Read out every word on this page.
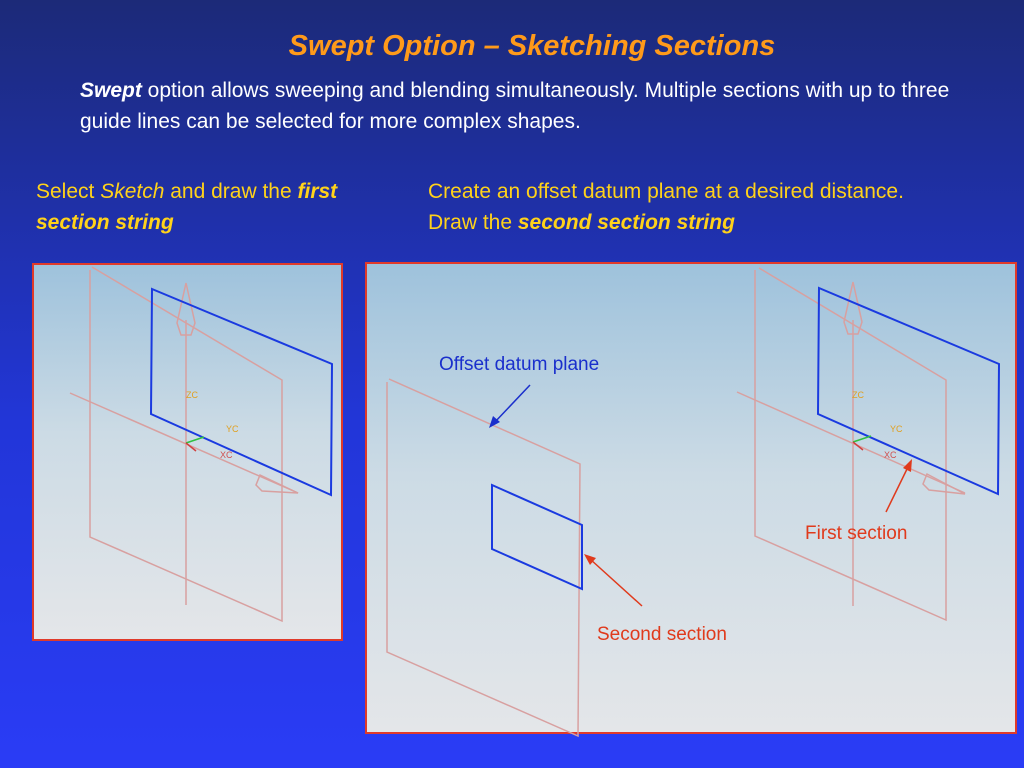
Swept Option – Sketching Sections
Swept option allows sweeping and blending simultaneously. Multiple sections with up to three guide lines can be selected for more complex shapes.
Select Sketch and draw the first section string
Create an offset datum plane at a desired distance. Draw the second section string
ZC
YC
XC
ZC
YC
XC
Offset datum plane
First section
Second section
